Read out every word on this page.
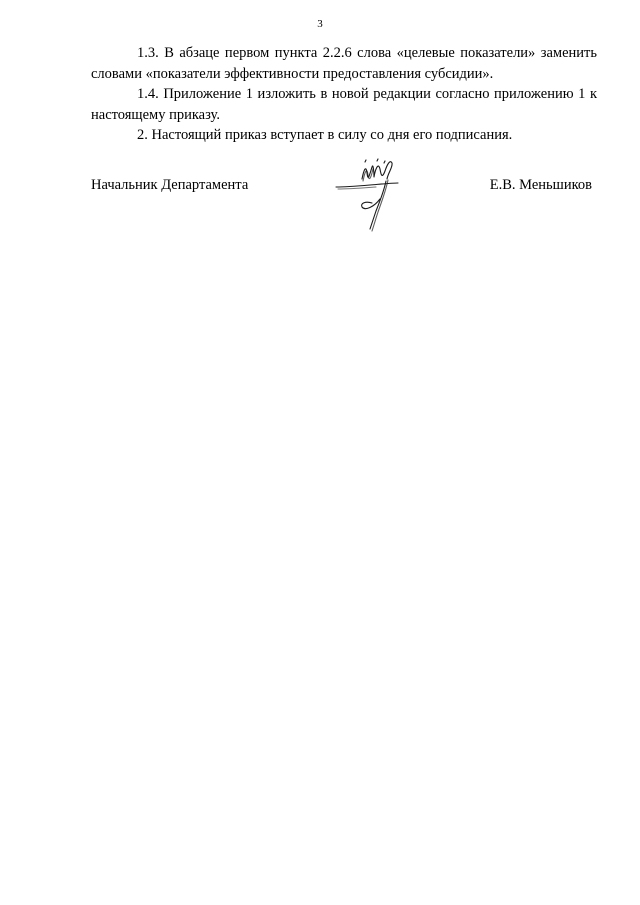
3

1.3. В абзаце первом пункта 2.2.6 слова «целевые показатели» заменить словами «показатели эффективности предоставления субсидии».

1.4. Приложение 1 изложить в новой редакции согласно приложению 1 к настоящему приказу.

2. Настоящий приказ вступает в силу со дня его подписания.

Начальник Департамента	Е.В. Меньшиков
